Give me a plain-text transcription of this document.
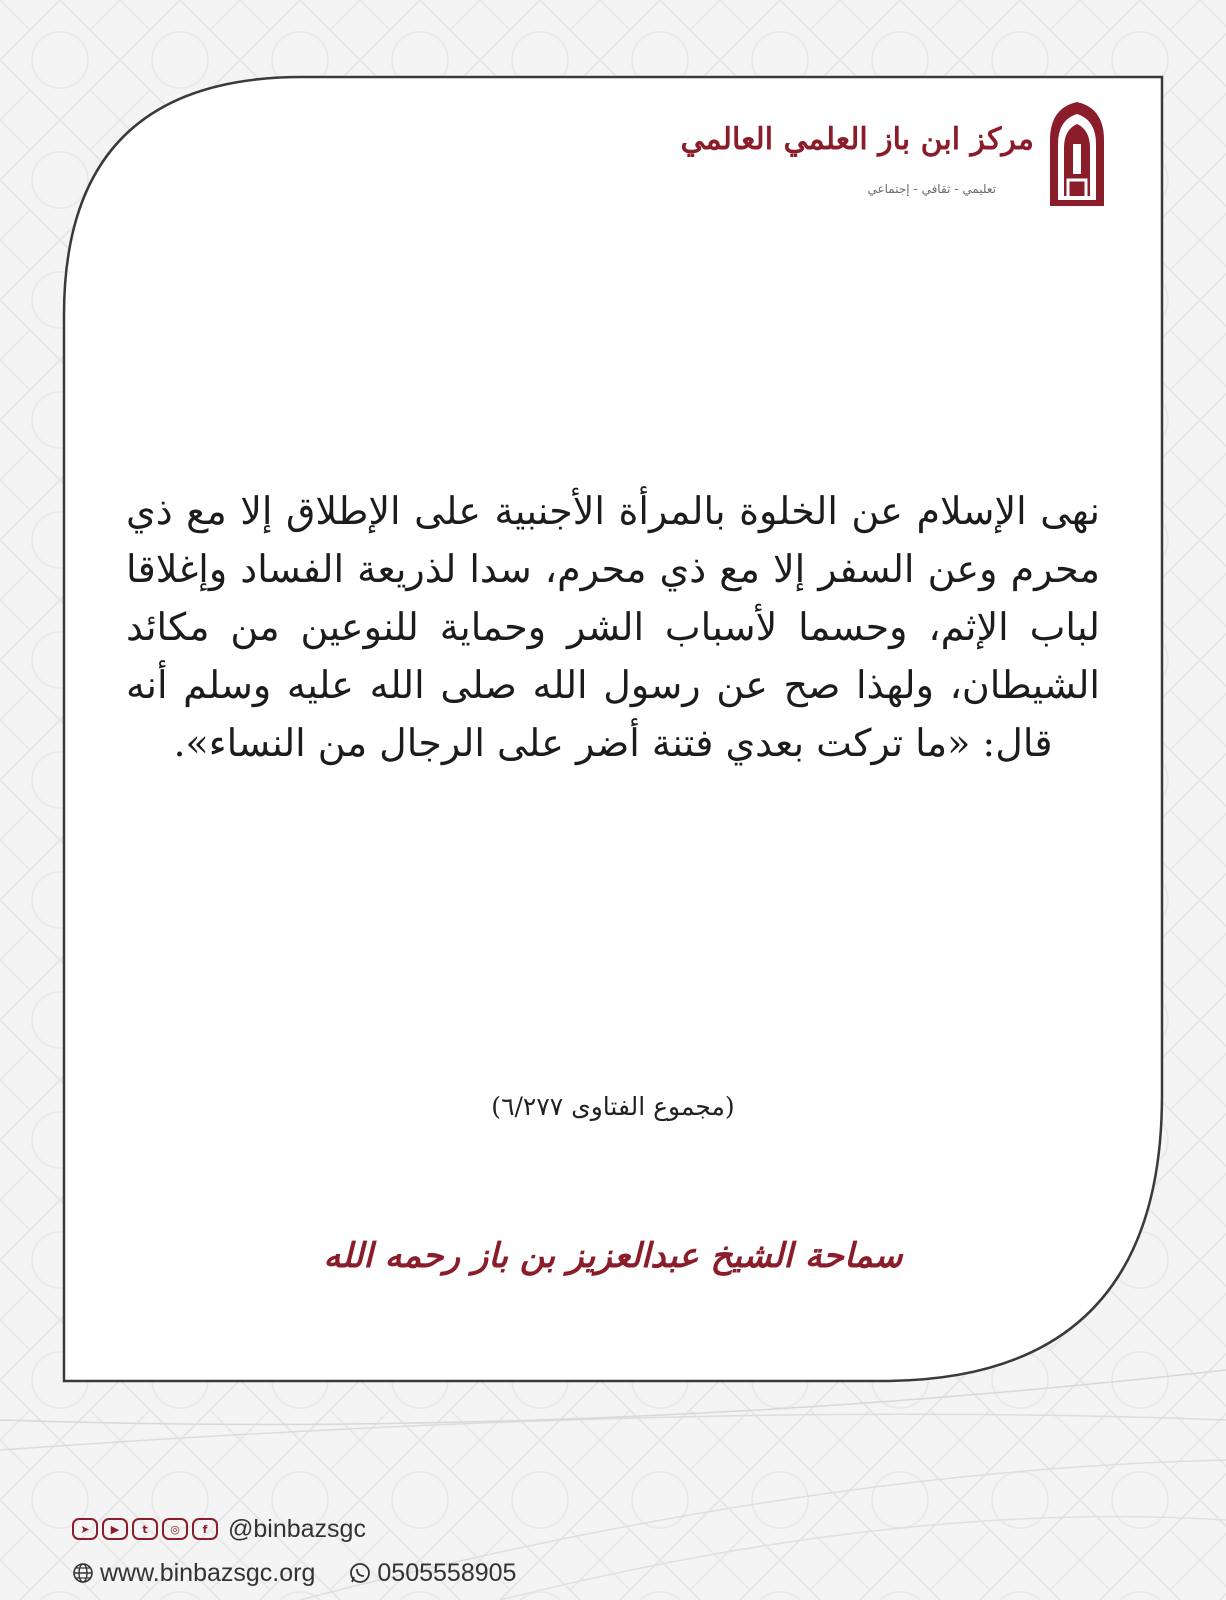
مركز ابن باز العلمي العالمي
تعليمي - ثقافي - إجتماعي
نهى الإسلام عن الخلوة بالمرأة الأجنبية على الإطلاق إلا مع ذي محرم وعن السفر إلا مع ذي محرم، سدا لذريعة الفساد وإغلاقا لباب الإثم، وحسما لأسباب الشر وحماية للنوعين من مكائد الشيطان، ولهذا صح عن رسول الله صلى الله عليه وسلم أنه قال: «ما تركت بعدي فتنة أضر على الرجال من النساء».
(مجموع الفتاوى ٦/٢٧٧)
سماحة الشيخ عبدالعزيز بن باز رحمه الله
➤	▶	t	◎	f @binbazsgc
www.binbazsgc.org 0505558905
